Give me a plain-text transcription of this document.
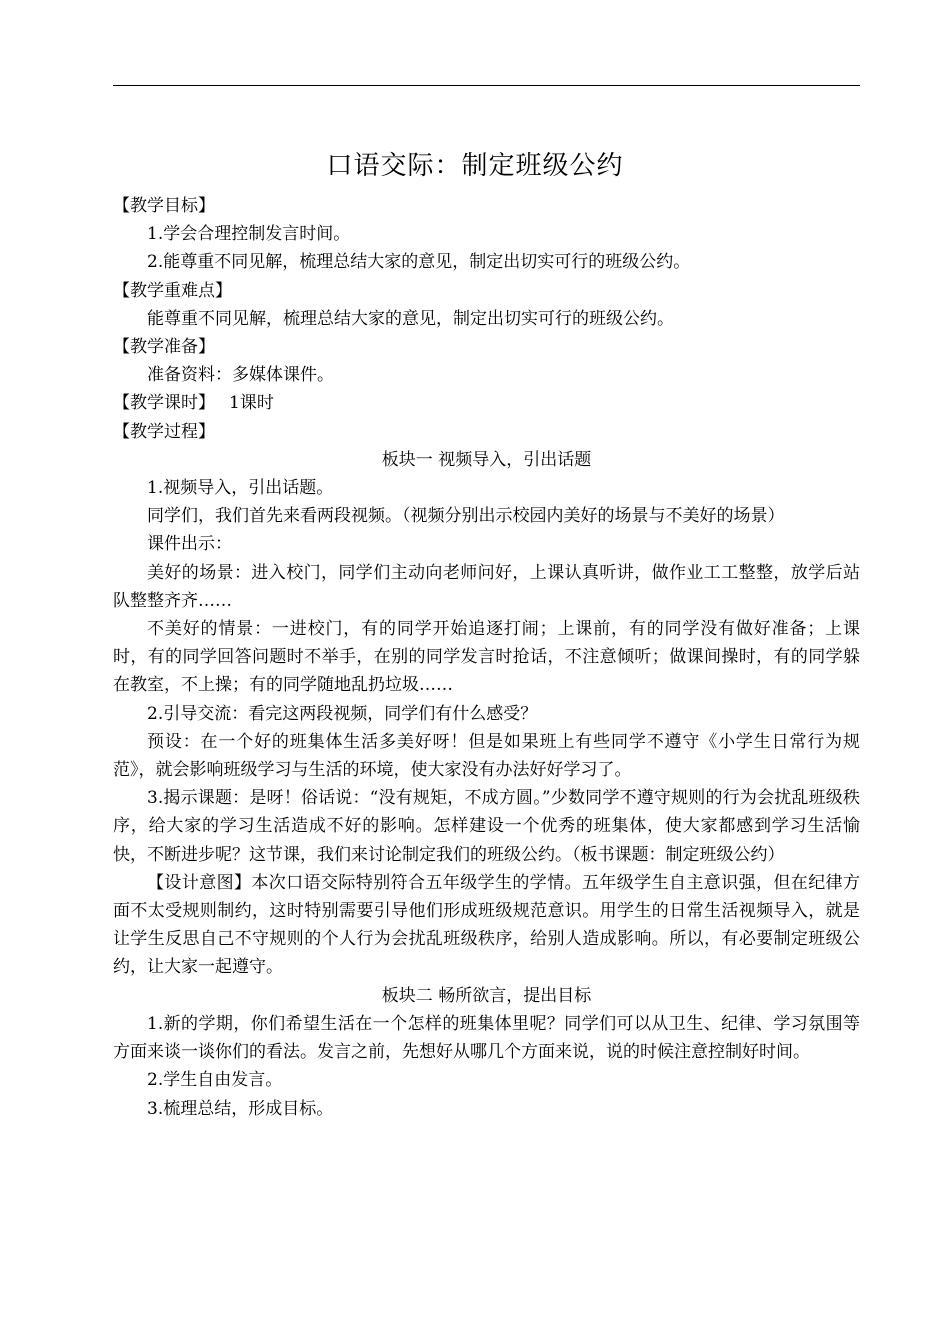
口语交际：制定班级公约

【教学目标】

1.学会合理控制发言时间。

2.能尊重不同见解，梳理总结大家的意见，制定出切实可行的班级公约。

【教学重难点】

能尊重不同见解，梳理总结大家的意见，制定出切实可行的班级公约。

【教学准备】

准备资料：多媒体课件。

【教学课时】 1课时

【教学过程】

板块一 视频导入，引出话题

1.视频导入，引出话题。

同学们，我们首先来看两段视频。（视频分别出示校园内美好的场景与不美好的场景）

课件出示：

美好的场景：进入校门，同学们主动向老师问好，上课认真听讲，做作业工工整整，放学后站队整整齐齐……

不美好的情景：一进校门，有的同学开始追逐打闹；上课前，有的同学没有做好准备；上课时，有的同学回答问题时不举手，在别的同学发言时抢话，不注意倾听；做课间操时，有的同学躲在教室，不上操；有的同学随地乱扔垃圾……

2.引导交流：看完这两段视频，同学们有什么感受？

预设：在一个好的班集体生活多美好呀！但是如果班上有些同学不遵守《小学生日常行为规范》，就会影响班级学习与生活的环境，使大家没有办法好好学习了。

3.揭示课题：是呀！俗话说：“没有规矩，不成方圆。”少数同学不遵守规则的行为会扰乱班级秩序，给大家的学习生活造成不好的影响。怎样建设一个优秀的班集体，使大家都感到学习生活愉快，不断进步呢？这节课，我们来讨论制定我们的班级公约。（板书课题：制定班级公约）

【设计意图】本次口语交际特别符合五年级学生的学情。五年级学生自主意识强，但在纪律方面不太受规则制约，这时特别需要引导他们形成班级规范意识。用学生的日常生活视频导入，就是让学生反思自己不守规则的个人行为会扰乱班级秩序，给别人造成影响。所以，有必要制定班级公约，让大家一起遵守。

板块二 畅所欲言，提出目标

1.新的学期，你们希望生活在一个怎样的班集体里呢？同学们可以从卫生、纪律、学习氛围等方面来谈一谈你们的看法。发言之前，先想好从哪几个方面来说，说的时候注意控制好时间。

2.学生自由发言。

3.梳理总结，形成目标。
